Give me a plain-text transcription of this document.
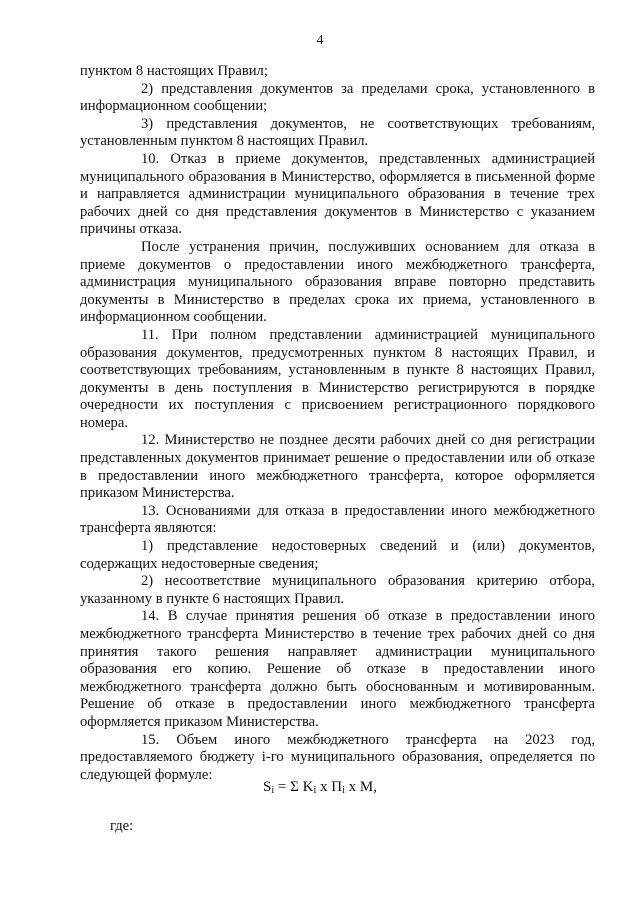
4

пунктом 8 настоящих Правил;

2) представления документов за пределами срока, установленного в информационном сообщении;

3) представления документов, не соответствующих требованиям, установленным пунктом 8 настоящих Правил.

10. Отказ в приеме документов, представленных администрацией муниципального образования в Министерство, оформляется в письменной форме и направляется администрации муниципального образования в течение трех рабочих дней со дня представления документов в Министерство с указанием причины отказа.

После устранения причин, послуживших основанием для отказа в приеме документов о предоставлении иного межбюджетного трансферта, администрация муниципального образования вправе повторно представить документы в Министерство в пределах срока их приема, установленного в информационном сообщении.

11. При полном представлении администрацией муниципального образования документов, предусмотренных пунктом 8 настоящих Правил, и соответствующих требованиям, установленным в пункте 8 настоящих Правил, документы в день поступления в Министерство регистрируются в порядке очередности их поступления с присвоением регистрационного порядкового номера.

12. Министерство не позднее десяти рабочих дней со дня регистрации представленных документов принимает решение о предоставлении или об отказе в предоставлении иного межбюджетного трансферта, которое оформляется приказом Министерства.

13. Основаниями для отказа в предоставлении иного межбюджетного трансферта являются:

1) представление недостоверных сведений и (или) документов, содержащих недостоверные сведения;

2) несоответствие муниципального образования критерию отбора, указанному в пункте 6 настоящих Правил.

14. В случае принятия решения об отказе в предоставлении иного межбюджетного трансферта Министерство в течение трех рабочих дней со дня принятия такого решения направляет администрации муниципального образования его копию. Решение об отказе в предоставлении иного межбюджетного трансферта должно быть обоснованным и мотивированным. Решение об отказе в предоставлении иного межбюджетного трансферта оформляется приказом Министерства.

15. Объем иного межбюджетного трансферта на 2023 год, предоставляемого бюджету i-го муниципального образования, определяется по следующей формуле:

$S_i = \Sigma$ $K_i$ x $П_i$ x M,
где:
